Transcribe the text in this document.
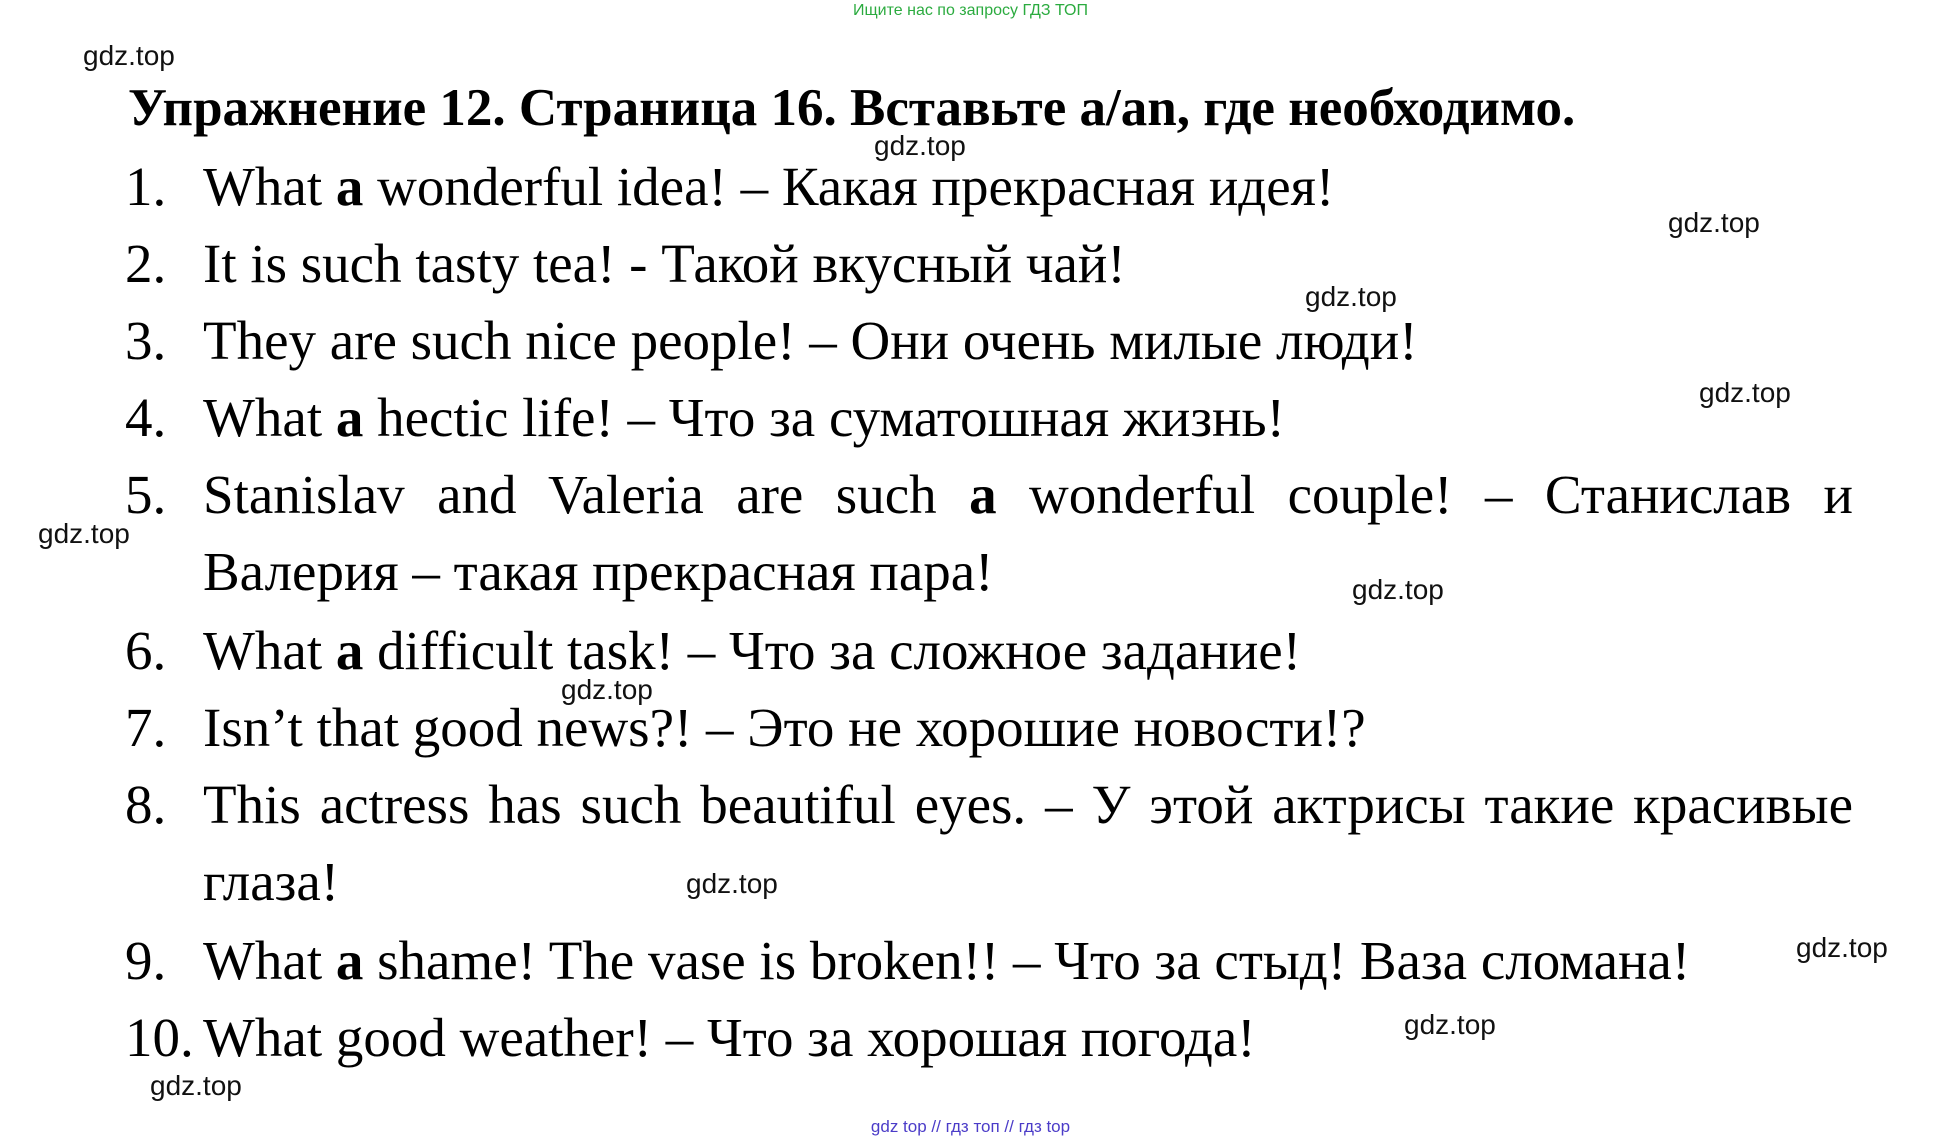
Ищите нас по запросу ГДЗ ТОП
Упражнение 12. Страница 16. Вставьте a/an, где необходимо.
1. What a wonderful idea! – Какая прекрасная идея!
2. It is such tasty tea! - Такой вкусный чай!
3. They are such nice people! – Они очень милые люди!
4. What a hectic life! – Что за суматошная жизнь!
5. Stanislav and Valeria are such a wonderful couple! – Станислав и Валерия – такая прекрасная пара!
6. What a difficult task! – Что за сложное задание!
7. Isn’t that good news?! – Это не хорошие новости!?
8. This actress has such beautiful eyes. – У этой актрисы такие красивые глаза!
9. What a shame! The vase is broken!! – Что за стыд! Ваза сломана!
10. What good weather! – Что за хорошая погода!
gdz.top
gdz.top
gdz.top
gdz.top
gdz.top
gdz.top
gdz.top
gdz.top
gdz.top
gdz.top
gdz.top
gdz.top
gdz top // гдз топ // гдз top
